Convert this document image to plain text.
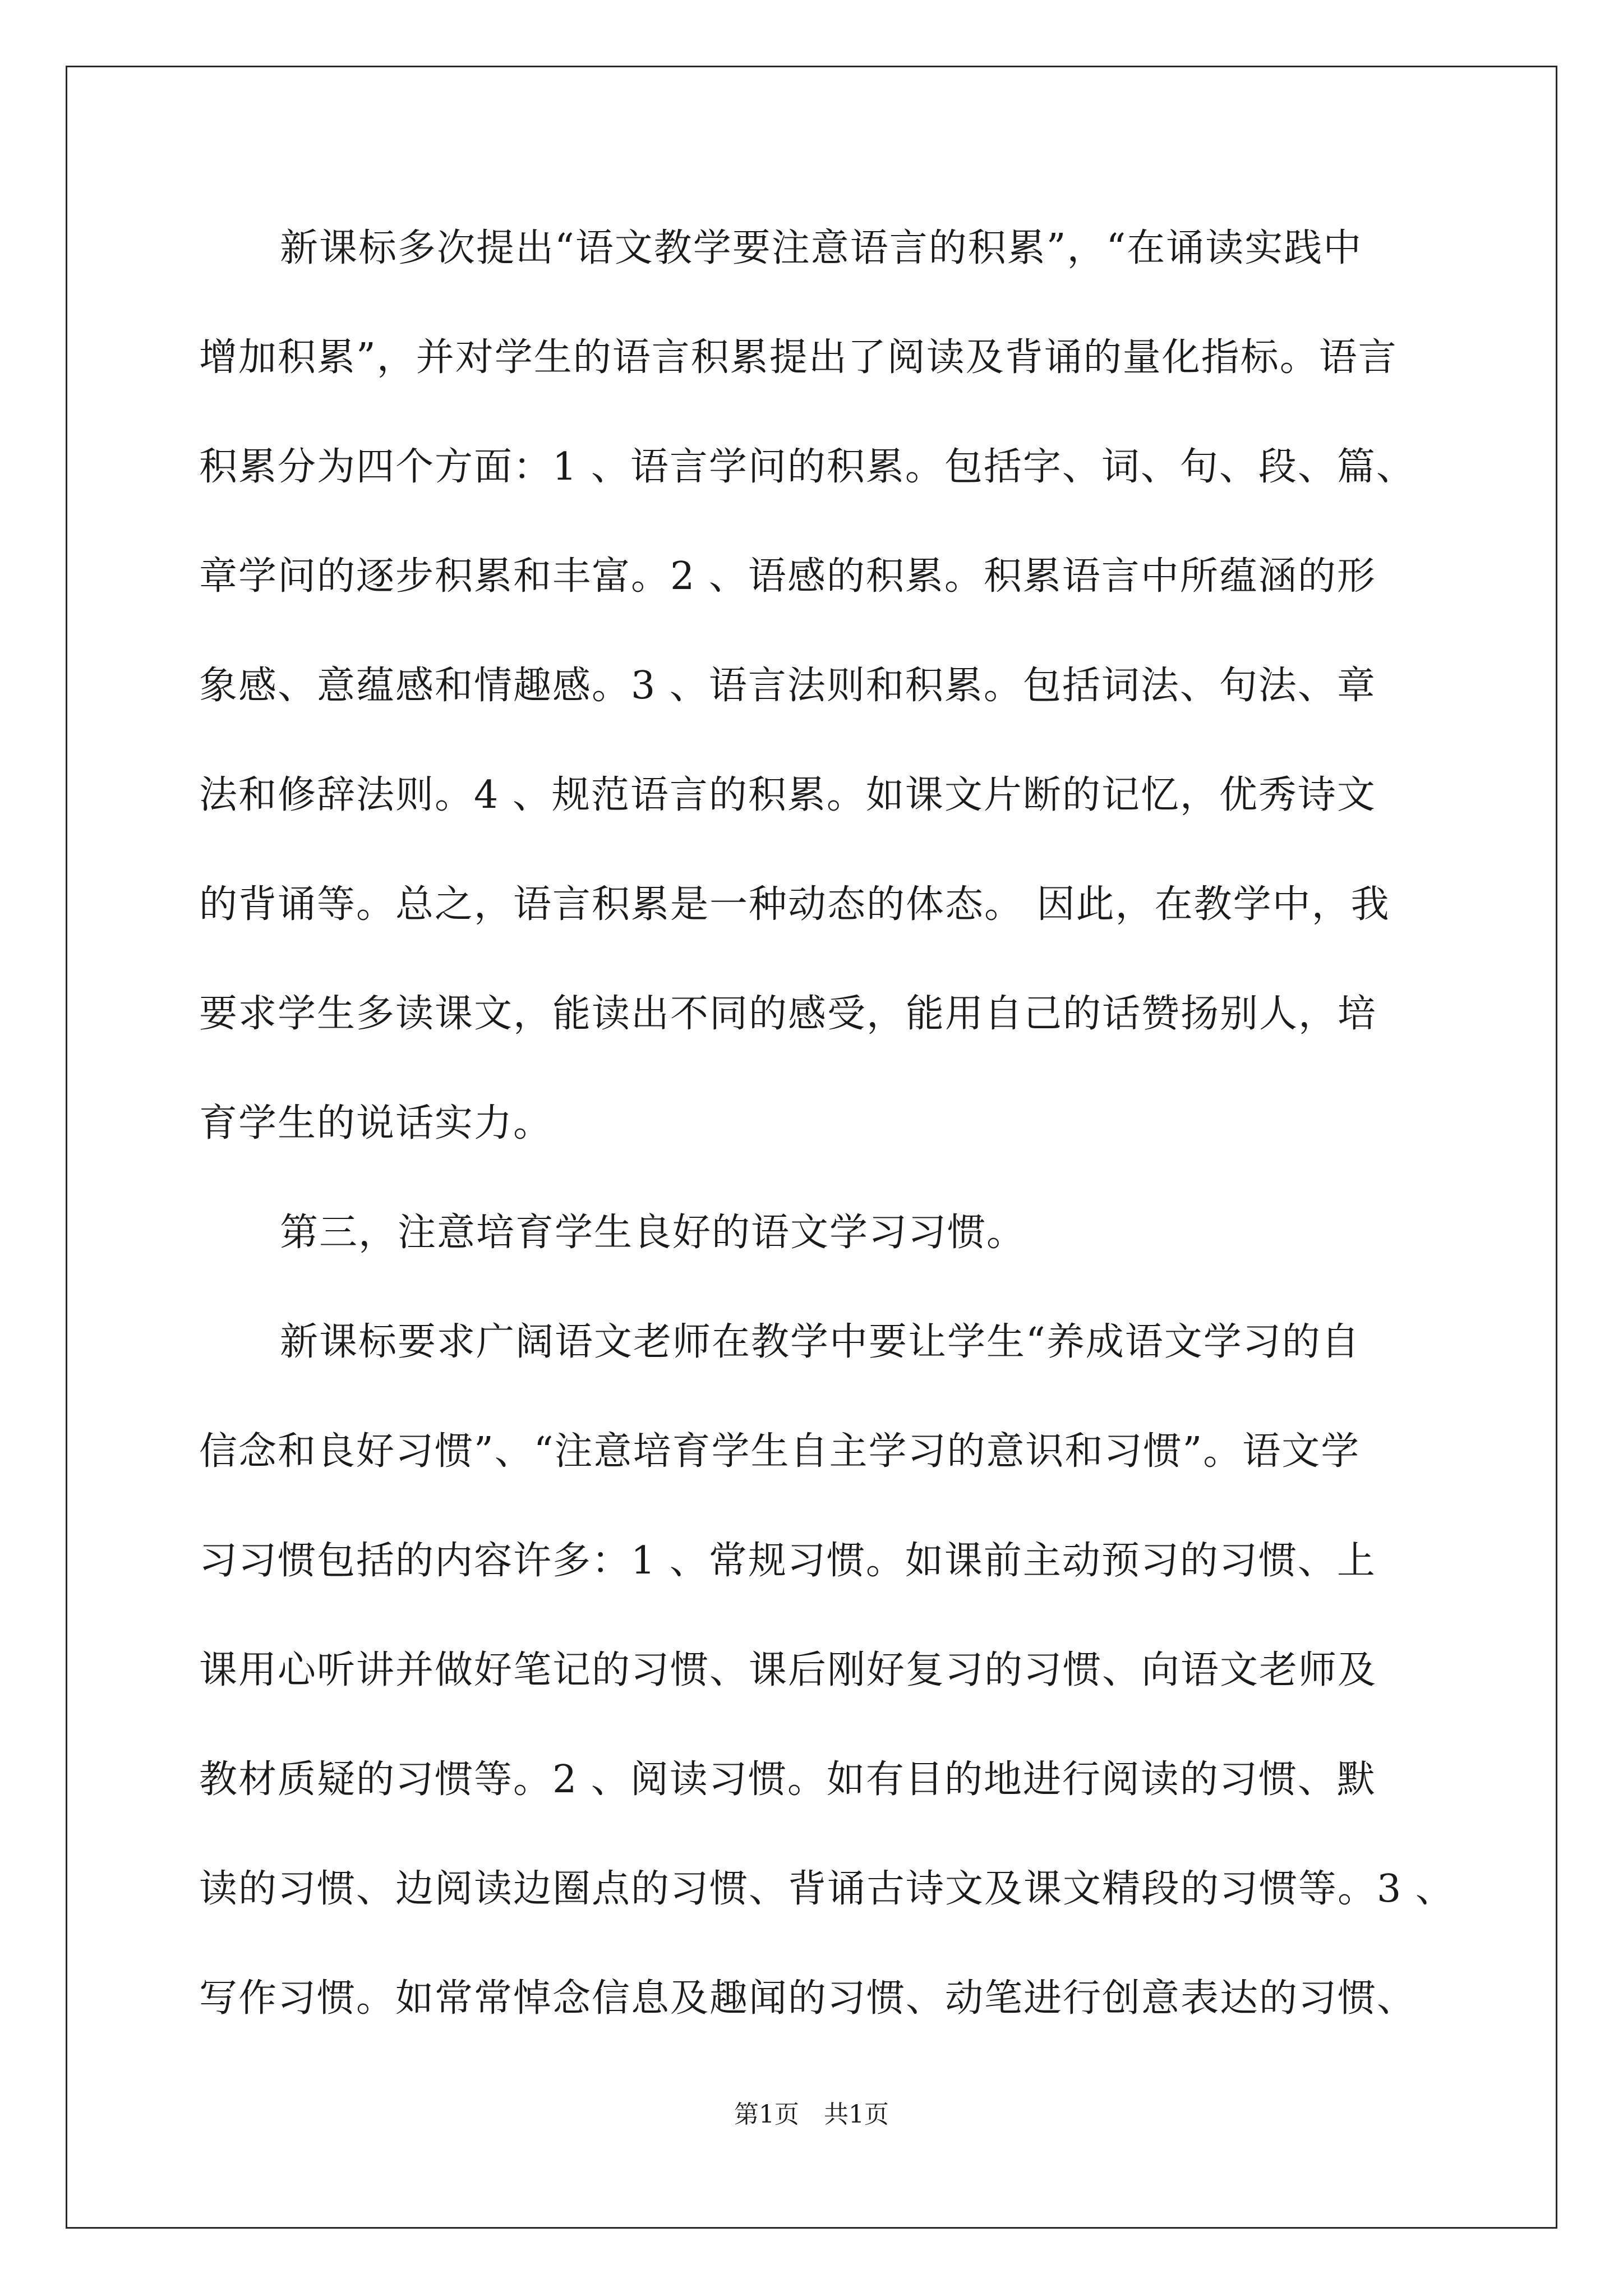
新课标多次提出“语文教学要注意语言的积累”，“在诵读实践中
增加积累”，并对学生的语言积累提出了阅读及背诵的量化指标。语言
积累分为四个方面：1 、语言学问的积累。包括字、词、句、段、篇、
章学问的逐步积累和丰富。2 、语感的积累。积累语言中所蕴涵的形
象感、意蕴感和情趣感。3 、语言法则和积累。包括词法、句法、章
法和修辞法则。4 、规范语言的积累。如课文片断的记忆，优秀诗文
的背诵等。总之，语言积累是一种动态的体态。 因此，在教学中，我
要求学生多读课文，能读出不同的感受，能用自己的话赞扬别人，培
育学生的说话实力。
第三，注意培育学生良好的语文学习习惯。
新课标要求广阔语文老师在教学中要让学生“养成语文学习的自
信念和良好习惯”、“注意培育学生自主学习的意识和习惯”。语文学
习习惯包括的内容许多：1 、常规习惯。如课前主动预习的习惯、上
课用心听讲并做好笔记的习惯、课后刚好复习的习惯、向语文老师及
教材质疑的习惯等。2 、阅读习惯。如有目的地进行阅读的习惯、默
读的习惯、边阅读边圈点的习惯、背诵古诗文及课文精段的习惯等。3 、
写作习惯。如常常悼念信息及趣闻的习惯、动笔进行创意表达的习惯、
第1页　共1页
